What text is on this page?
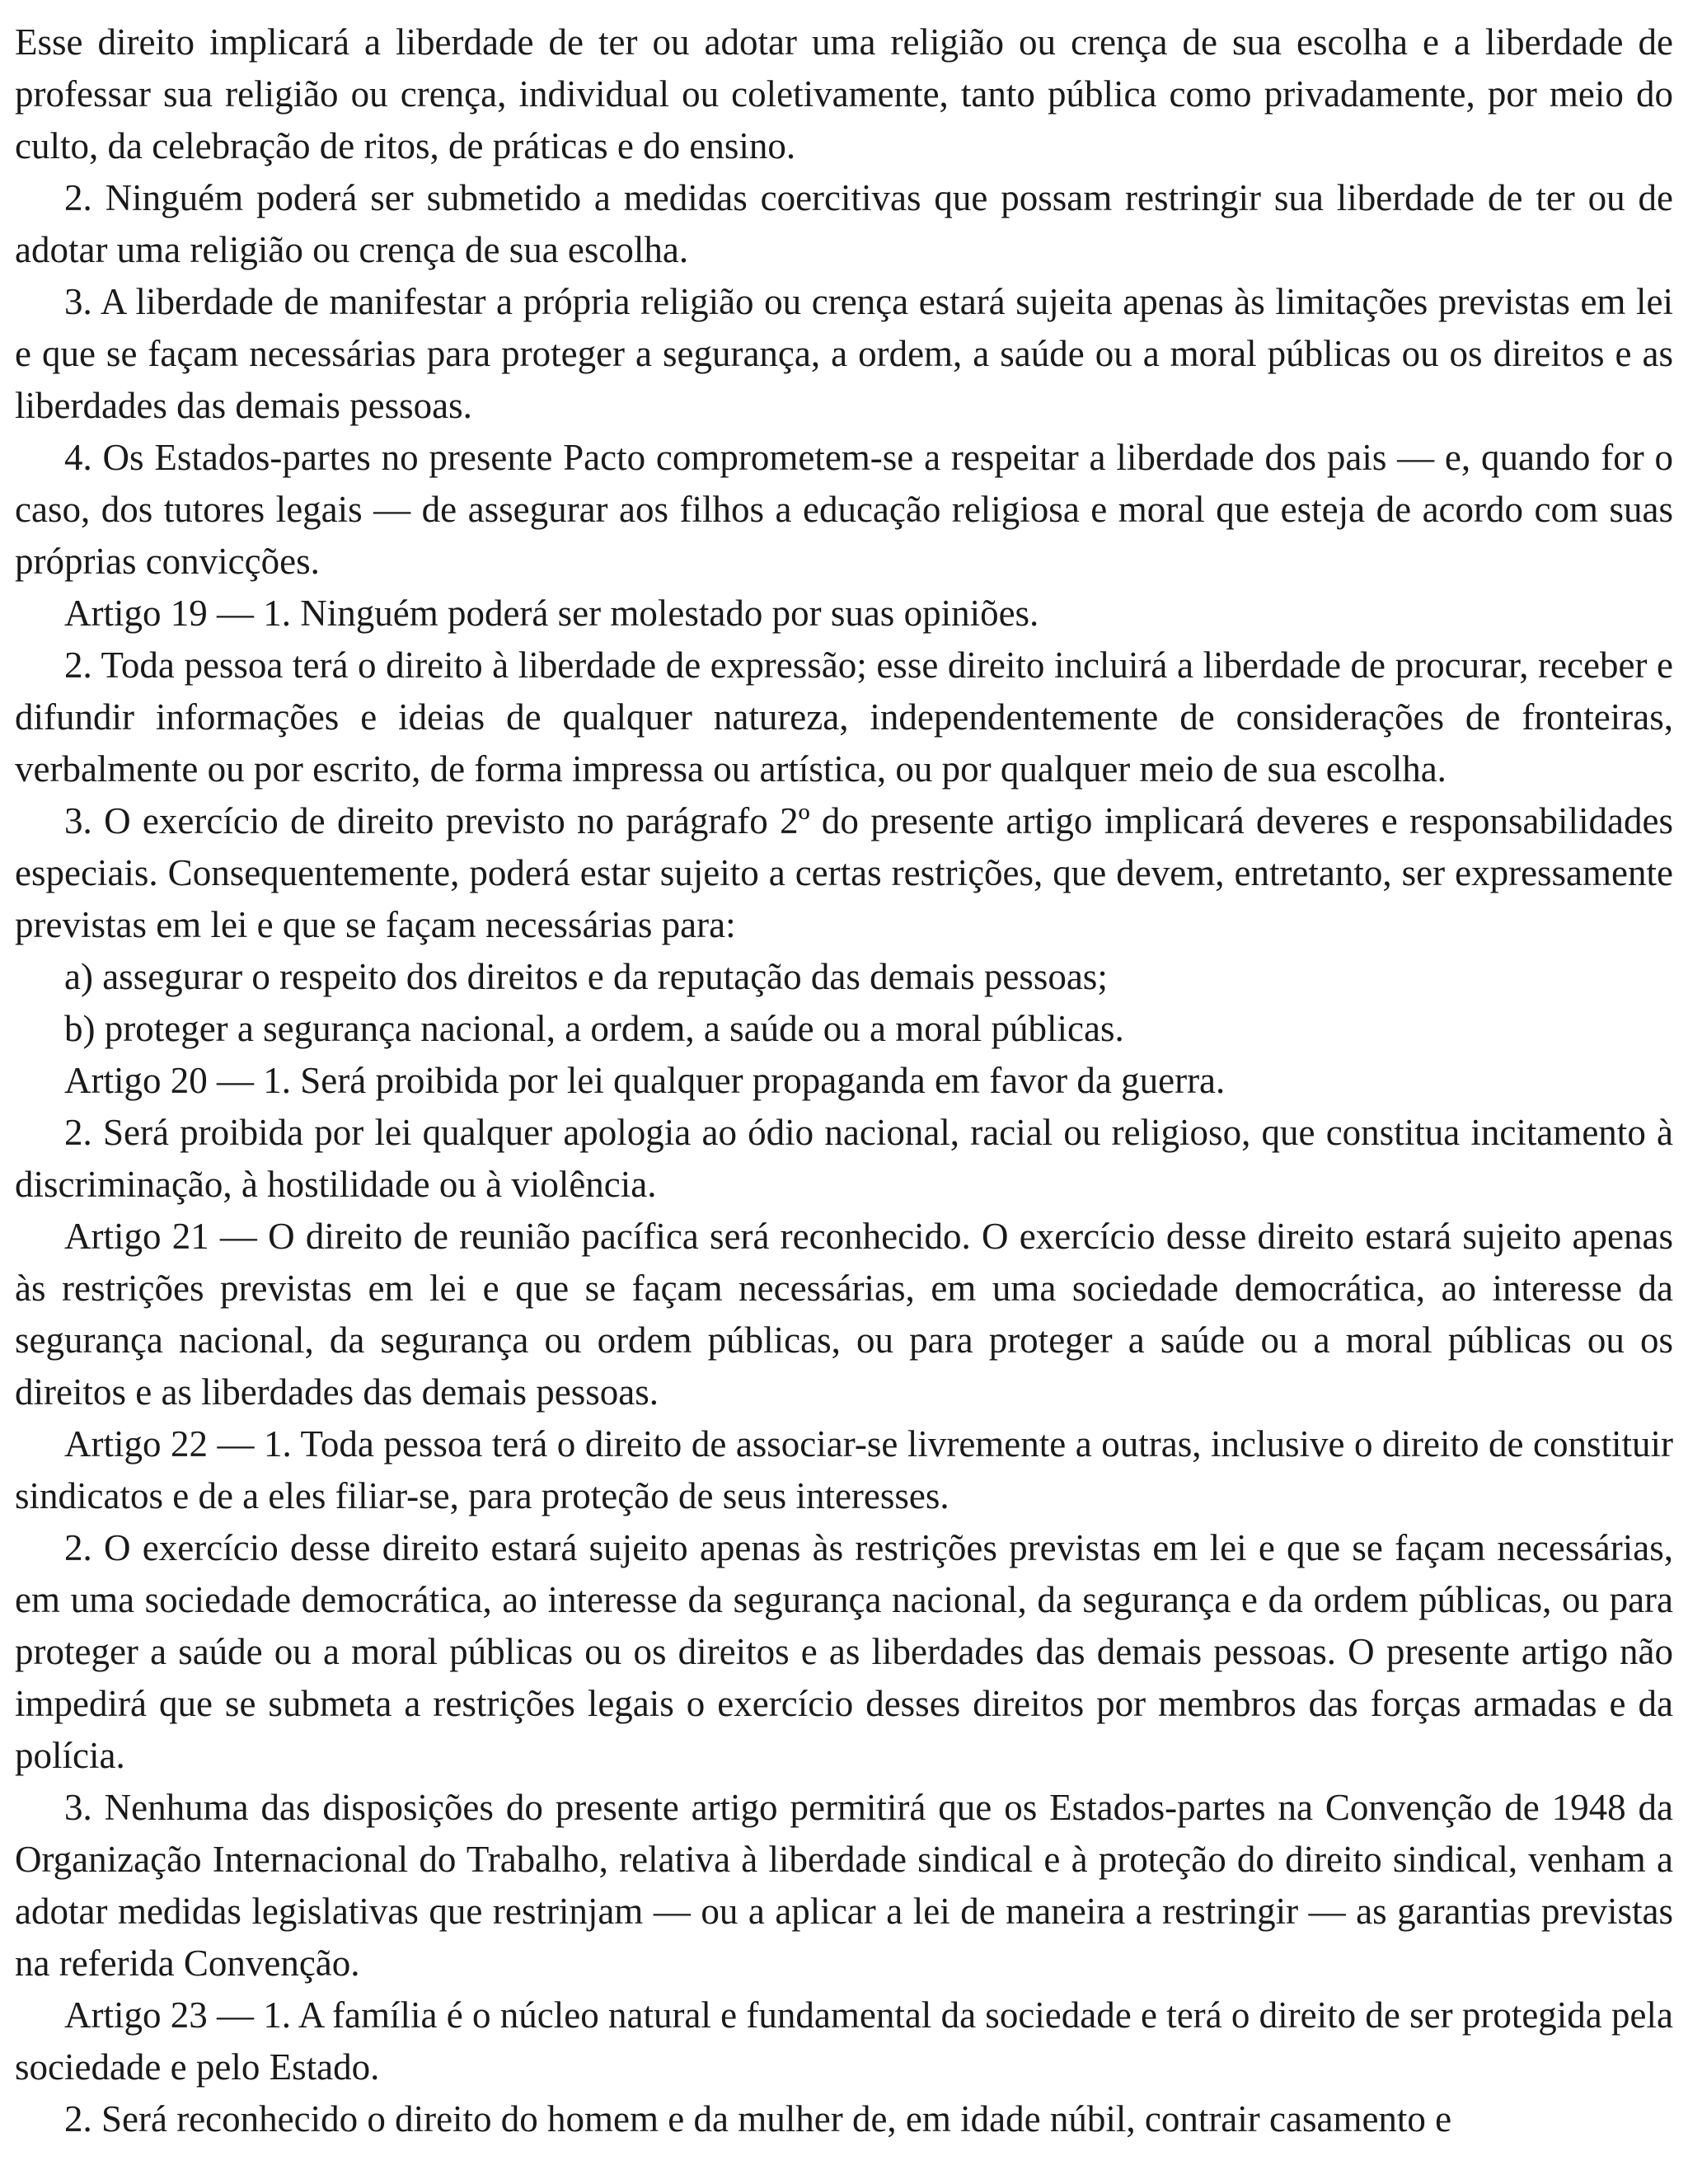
Esse direito implicará a liberdade de ter ou adotar uma religião ou crença de sua escolha e a liberdade de professar sua religião ou crença, individual ou coletivamente, tanto pública como privadamente, por meio do culto, da celebração de ritos, de práticas e do ensino.

2. Ninguém poderá ser submetido a medidas coercitivas que possam restringir sua liberdade de ter ou de adotar uma religião ou crença de sua escolha.

3. A liberdade de manifestar a própria religião ou crença estará sujeita apenas às limitações previstas em lei e que se façam necessárias para proteger a segurança, a ordem, a saúde ou a moral públicas ou os direitos e as liberdades das demais pessoas.

4. Os Estados-partes no presente Pacto comprometem-se a respeitar a liberdade dos pais — e, quando for o caso, dos tutores legais — de assegurar aos filhos a educação religiosa e moral que esteja de acordo com suas próprias convicções.

Artigo 19 — 1. Ninguém poderá ser molestado por suas opiniões.

2. Toda pessoa terá o direito à liberdade de expressão; esse direito incluirá a liberdade de procurar, receber e difundir informações e ideias de qualquer natureza, independentemente de considerações de fronteiras, verbalmente ou por escrito, de forma impressa ou artística, ou por qualquer meio de sua escolha.

3. O exercício de direito previsto no parágrafo 2º do presente artigo implicará deveres e responsabilidades especiais. Consequentemente, poderá estar sujeito a certas restrições, que devem, entretanto, ser expressamente previstas em lei e que se façam necessárias para:

a) assegurar o respeito dos direitos e da reputação das demais pessoas;

b) proteger a segurança nacional, a ordem, a saúde ou a moral públicas.

Artigo 20 — 1. Será proibida por lei qualquer propaganda em favor da guerra.

2. Será proibida por lei qualquer apologia ao ódio nacional, racial ou religioso, que constitua incitamento à discriminação, à hostilidade ou à violência.

Artigo 21 — O direito de reunião pacífica será reconhecido. O exercício desse direito estará sujeito apenas às restrições previstas em lei e que se façam necessárias, em uma sociedade democrática, ao interesse da segurança nacional, da segurança ou ordem públicas, ou para proteger a saúde ou a moral públicas ou os direitos e as liberdades das demais pessoas.

Artigo 22 — 1. Toda pessoa terá o direito de associar-se livremente a outras, inclusive o direito de constituir sindicatos e de a eles filiar-se, para proteção de seus interesses.

2. O exercício desse direito estará sujeito apenas às restrições previstas em lei e que se façam necessárias, em uma sociedade democrática, ao interesse da segurança nacional, da segurança e da ordem públicas, ou para proteger a saúde ou a moral públicas ou os direitos e as liberdades das demais pessoas. O presente artigo não impedirá que se submeta a restrições legais o exercício desses direitos por membros das forças armadas e da polícia.

3. Nenhuma das disposições do presente artigo permitirá que os Estados-partes na Convenção de 1948 da Organização Internacional do Trabalho, relativa à liberdade sindical e à proteção do direito sindical, venham a adotar medidas legislativas que restrinjam — ou a aplicar a lei de maneira a restringir — as garantias previstas na referida Convenção.

Artigo 23 — 1. A família é o núcleo natural e fundamental da sociedade e terá o direito de ser protegida pela sociedade e pelo Estado.

2. Será reconhecido o direito do homem e da mulher de, em idade núbil, contrair casamento e
